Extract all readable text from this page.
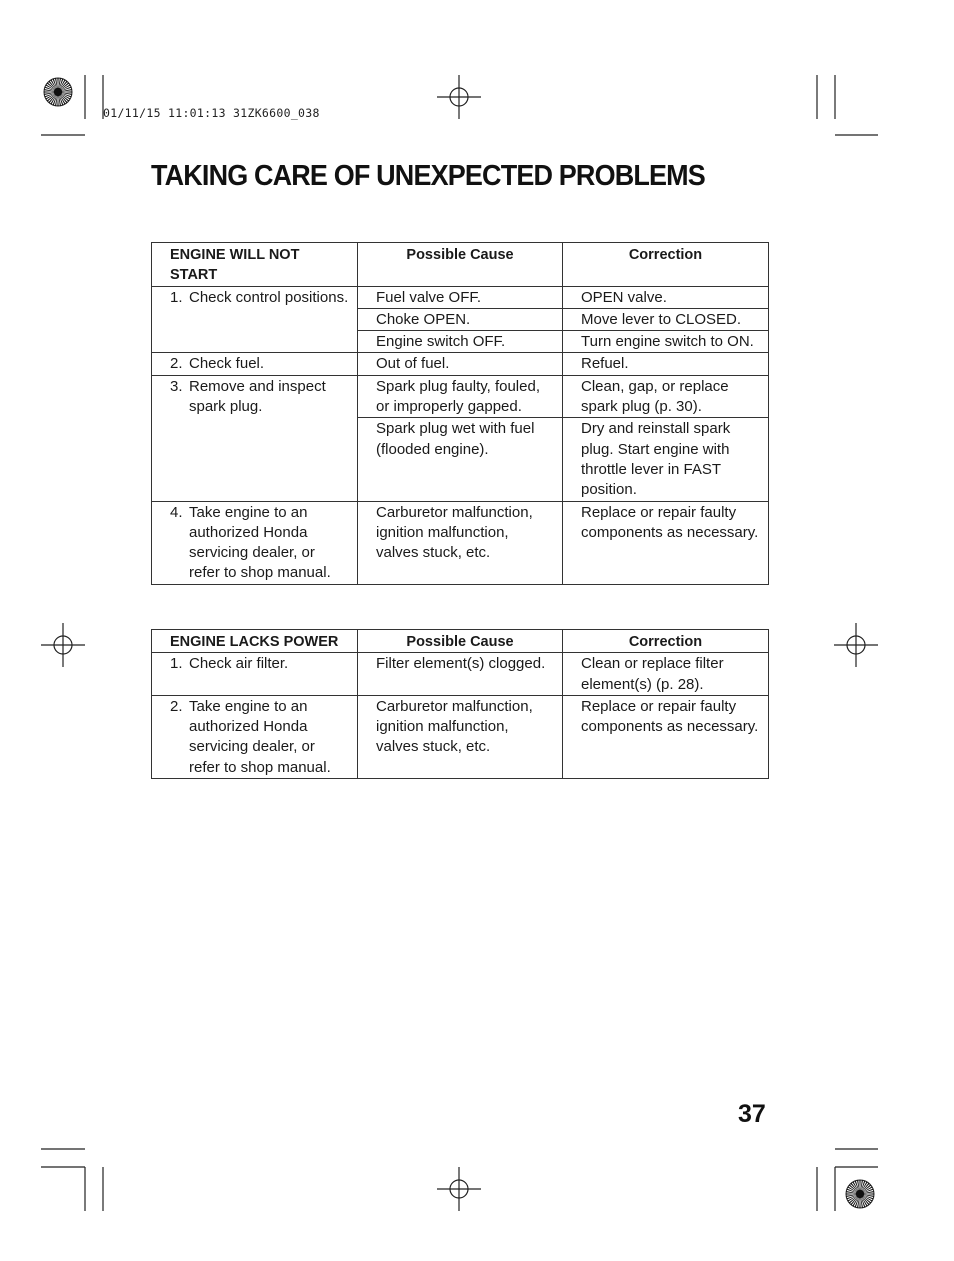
01/11/15 11:01:13 31ZK6600_038
TAKING CARE OF UNEXPECTED PROBLEMS
ENGINE WILL NOT START	Possible Cause	Correction

1. Check control positions.	Fuel valve OFF.	OPEN valve.
	Choke OPEN.	Move lever to CLOSED.
	Engine switch OFF.	Turn engine switch to ON.

2. Check fuel.	Out of fuel.	Refuel.

3. Remove and inspect spark plug.	Spark plug faulty, fouled, or improperly gapped.	Clean, gap, or replace spark plug (p. 30).
	Spark plug wet with fuel (flooded engine).	Dry and reinstall spark plug. Start engine with throttle lever in FAST position.

4. Take engine to an authorized Honda servicing dealer, or refer to shop manual.	Carburetor malfunction, ignition malfunction, valves stuck, etc.	Replace or repair faulty components as necessary.
ENGINE LACKS POWER	Possible Cause	Correction

1. Check air filter.	Filter element(s) clogged.	Clean or replace filter element(s) (p. 28).

2. Take engine to an authorized Honda servicing dealer, or refer to shop manual.	Carburetor malfunction, ignition malfunction, valves stuck, etc.	Replace or repair faulty components as necessary.
37
